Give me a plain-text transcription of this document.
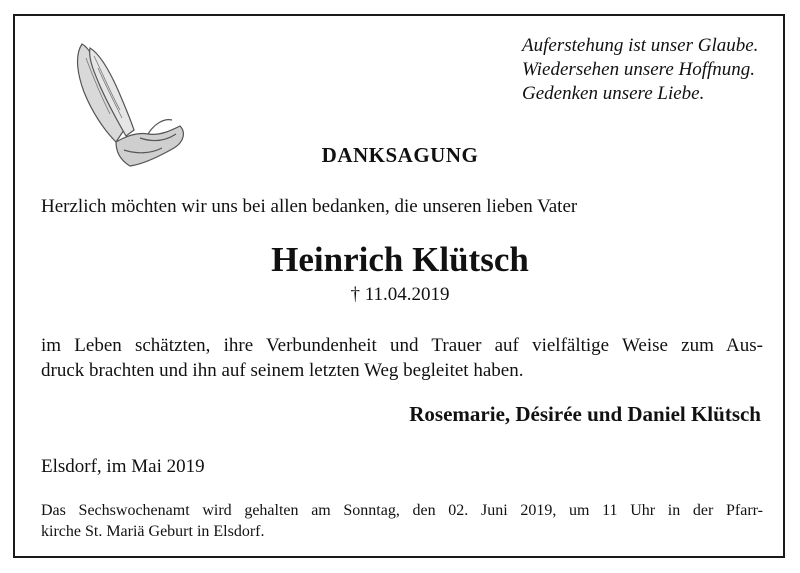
Auferstehung ist unser Glaube.
Wiedersehen unsere Hoffnung.
Gedenken unsere Liebe.
DANKSAGUNG
Herzlich möchten wir uns bei allen bedanken, die unseren lieben Vater
Heinrich Klütsch
† 11.04.2019
im Leben schätzten, ihre Verbundenheit und Trauer auf vielfältige Weise zum Aus-
druck brachten und ihn auf seinem letzten Weg begleitet haben.
Rosemarie, Désirée und Daniel Klütsch
Elsdorf, im Mai 2019
Das Sechswochenamt wird gehalten am Sonntag, den 02. Juni 2019, um 11 Uhr in der Pfarr-
kirche St. Mariä Geburt in Elsdorf.
